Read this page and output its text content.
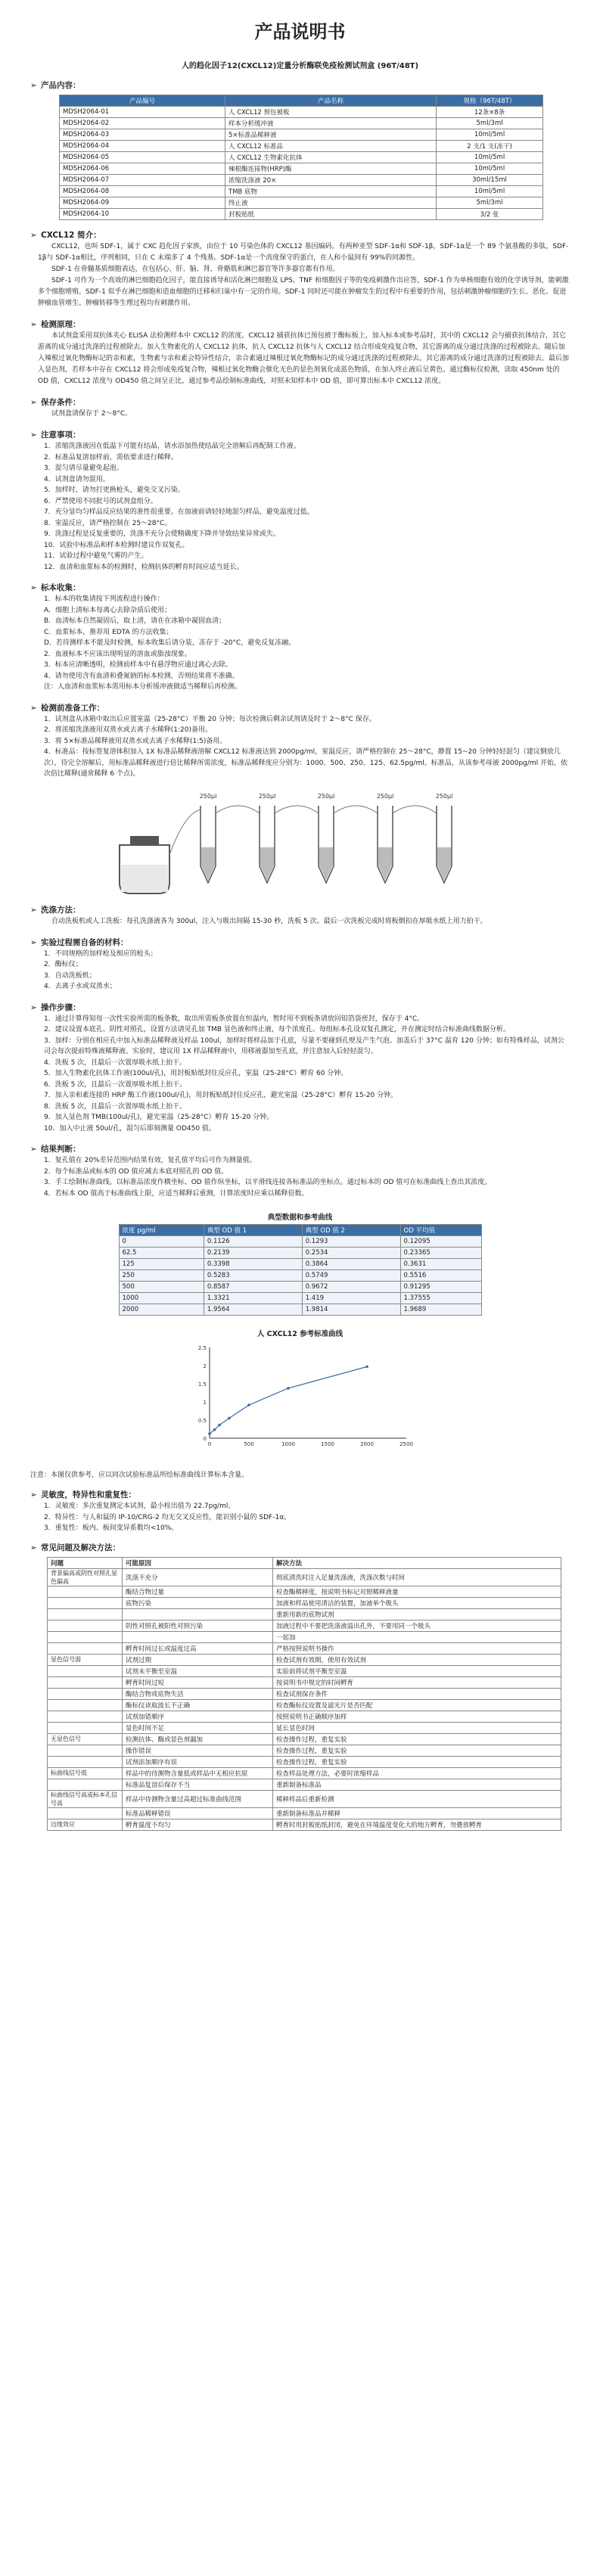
产品说明书
人的趋化因子12(CXCL12)定量分析酶联免疫检测试剂盒 (96T/48T)
➢ 产品内容：
产品编号	产品名称	规格（96T/48T）
MDSH2064-01	人 CXCL12 预包被板	12条×8条
MDSH2064-02	样本分析缓冲液	5ml/3ml
MDSH2064-03	5×标准品稀释液	10ml/5ml
MDSH2064-04	人 CXCL12 标准品	2 支/1 支(冻干)
MDSH2064-05	人 CXCL12 生物素化抗体	10ml/5ml
MDSH2064-06	辣根酶连接物(HRP)酶	10ml/5ml
MDSH2064-07	浓缩洗涤液 20×	30ml/15ml
MDSH2064-08	TMB 底物	10ml/5ml
MDSH2064-09	终止液	5ml/3ml
MDSH2064-10	封板贴纸	3/2 张
➢ CXCL12 简介：

CXCL12，也叫 SDF-1，属于 CXC 趋化因子家族，由位于 10 号染色体的 CXCL12 基因编码。有两种亚型 SDF-1α和 SDF-1β，SDF-1α是一个 89 个氨基酸的多肽，SDF-1β与 SDF-1α相比，序列相同，只在 C 末端多了 4 个残基。SDF-1α是一个高度保守的蛋白，在人和小鼠间有 99%的同源性。

SDF-1 在骨髓基质细胞表达，在包括心、肝、脑、肾、骨骼肌和淋巴器官等许多器官都有作用。

SDF-1 可作为一个高效的淋巴细胞趋化因子，能直接诱导和活化淋巴细胞及 LPS、TNF 和细胞因子等的免疫刺激作出应答，SDF-1 作为单核细胞有效的化学诱导剂，能刺激多个细胞增殖。SDF-1 似乎在淋巴细胞和造血细胞的迁移和归巢中有一定的作用。SDF-1 同时还可能在肿瘤发生的过程中有重要的作用，包括刺激肿瘤细胞的生长、恶化、促进肿瘤血管增生、肿瘤转移等生理过程均有刺激作用。

➢ 检测原理：

本试剂盒采用双抗体夹心 ELISA 法检测样本中 CXCL12 的浓度。CXCL12 捕获抗体已预包被于酶标板上，加入标本或参考品时，其中的 CXCL12 会与捕获抗体结合，其它游离的成分通过洗涤的过程被除去。加入生物素化的人 CXCL12 抗体，抗人 CXCL12 抗体与人 CXCL12 结合形成免疫复合物，其它游离的成分通过洗涤的过程被除去。随后加入辣根过氧化物酶标记的亲和素，生物素与亲和素会特异性结合，亲合素通过辣根过氧化物酶标记的成分通过洗涤的过程被除去。其它游离的成分通过洗涤的过程被除去。最后加入显色剂，若样本中存在 CXCL12 将会形成免疫复合物，辣根过氧化物酶会催化无色的显色剂氧化成蓝色物质，在加入终止液后呈黄色。通过酶标仪检测，读取 450nm 处的 OD 值，CXCL12 浓度与 OD450 值之间呈正比，通过参考品绘制标准曲线，对照未知样本中 OD 值，即可算出标本中 CXCL12 浓度。

➢ 保存条件：

试剂盒请保存于 2～8°C。

➢ 注意事项：
1．浓缩洗涤液因在低温下可能有结晶，请水浴加热使结晶完全溶解后再配制工作液。
2．标准品复溶加样前，需依要求进行稀释。
3．混匀请尽量避免起泡。
4．试剂盒请勿混用。
5．加样时，请勿打更换枪头，避免交叉污染。
6．严禁使用不同批号的试剂盒组分。
7．充分显均匀样品反应结果的准性很重要。在加液前请轻轻地混匀样品，避免温度过低。
8．室温反应，请严格控制在 25～28°C。
9．洗涤过程是反复重要的，洗涤不充分会使精确度下降并导致结果异常或失。
10．试验中标准品和样本检测时建议作双复孔。
11．试验过程中避免气雾的产生。
12．血清和血浆标本的检测时，检测抗体的孵育时间应适当延长。
➢ 标本收集：
1．标本的收集请按下列流程进行操作：
A．细胞上清标本每离心去除杂质后使用；
B．血清标本自然凝固后，取上清，请在在冰箱中凝固血清；
C．血浆标本，推荐用 EDTA 的方法收集；
D．若待测样本不能及时检测，标本收集后请分装，冻存于 -20°C，避免反复冻融。
2．血液标本不应该出现明显的溶血或脂浊现象。
3．标本应清晰透明，检测前样本中有悬浮物应通过离心去除。
4．请勿使用含有血清和叠氮钠的标本检测，否则结果将不准确。
注：人血清和血浆标本需用标本分析缓冲液做适当稀释后再检测。
➢ 检测前准备工作：
1．试剂盒从冰箱中取出后应置室温（25-28°C）平衡 20 分钟；每次检测后剩余试剂请及时于 2～8°C 保存。
2．将浓缩洗涤液用双蒸水或去离子水稀释(1:20)备用。
3．将 5×标准品稀释液用双蒸水或去离子水稀释(1:5)备用。
4．标准品：按标签复溶体积加入 1X 标准品稀释液溶解 CXCL12 标准液达到 2000pg/ml，室温反应，请严格控制在 25～28°C，静置 15~20 分钟轻轻混匀（建议倒放几次），待完全溶解后，用标准品稀释液进行倍比稀释所需浓度，标准品稀释度应分别为：1000、500、250、125、62.5pg/ml。标准品，从该参考母液 2000pg/ml 开始，依次倍比稀释(通常稀释 6 个点)。
250μl	250μl	250μl	250μl	250μl
➢ 洗涤方法：

自动洗板机或人工洗板：每孔洗涤液各为 300ul，注入与吸出间隔 15-30 秒，洗板 5 次。最后一次洗板完成时将板倒扣在厚吸水纸上用力拍干。

➢ 实验过程需自备的材料：
1．不同规格的加样枪及相应的枪头；
2．酶标仪；
3．自动洗板机；
4．去离子水或双蒸水；
➢ 操作步骤：
1．通过计算得知每一次性实验所需的板条数，取出所需板条放置在恒温内，暂时用不到板条请放回铝箔袋密封，保存于 4°C。
2．建议设置本底孔、阴性对照孔，设置方法请见孔加 TMB 显色液和终止液，每个浓度孔、每组标本孔设双复孔测定，并在测定时结合标准曲线数据分析。
3．加样：分别在相应孔中加入标准品稀释液及样品 100ul，加样时将样品加于孔底，尽量不要碰到孔壁及产生气泡。加盖后于 37°C 温育 120 分钟；如有特殊样品，试剂公司会每次提前特殊液稀释液。实验时，建议用 1X 样品稀释液中，用移液器加至孔底，并注意加入后轻轻混匀。
4．洗板 5 次，且最后一次置厚吸水纸上拍干。
5．加入生物素化抗体工作液(100ul/孔)，用封板贴纸封住反应孔，室温（25-28°C）孵育 60 分钟。
6．洗板 5 次，且最后一次置厚吸水纸上拍干。
7．加入亲和素连接的 HRP 酶工作液(100ul/孔)，用封板贴纸封住反应孔，避光室温（25-28°C）孵育 15-20 分钟。
8．洗板 5 次，且最后一次置厚吸水纸上拍干。
9．加入显色剂 TMB(100ul/孔)，避光室温（25-28°C）孵育 15-20 分钟。
10．加入中止液 50ul/孔，混匀后即刻测量 OD450 值。
➢ 结果判断：
1．复孔值在 20%差异范围内结果有效，复孔值平均后可作为测量值。
2．每个标准品或标本的 OD 值应减去本底对照孔的 OD 值。
3．手工绘制标准曲线。以标准品浓度作横坐标、OD 值作纵坐标，以平滑线连接各标准品的坐标点。通过标本的 OD 值可在标准曲线上查出其浓度。
4．若标本 OD 值高于标准曲线上限，应适当稀释后重测，计算浓度时应乘以稀释倍数。
典型数据和参考曲线
浓度 pg/ml	典型 OD 值 1	典型 OD 值 2	OD 平均值
0	0.1126	0.1293	0.12095
62.5	0.2139	0.2534	0.23365
125	0.3398	0.3864	0.3631
250	0.5283	0.5749	0.5516
500	0.8587	0.9672	0.91295
1000	1.3321	1.419	1.37555
2000	1.9564	1.9814	1.9689
人 CXCL12 参考标准曲线
0	500	1000	1500	2000	2500
0
0.5
1
1.5
2
2.5

注意：本图仅供参考，应以同次试验标准品所绘标准曲线计算标本含量。

➢ 灵敏度，特异性和重复性：
1．灵敏度：多次重复测定本试剂，最小检出值为 22.7pg/ml。
2．特异性：与人和鼠的 IP-10/CRG-2 均无交叉反应性，能识别小鼠的 SDF-1α。
3．重复性：板内、板间变异系数均<10%。
➢ 常见问题及解决方法：
问题	可能原因	解决方法
背景偏高或阴性对照孔显色偏高	洗涤不充分	彻底清洗时注入足量洗涤液，洗涤次数与时间
	酶结合物过量	检查酶稀释度，按说明书标记对照稀释液量
	底物污染	加液和样品使用清洁的装置，加液单个吸头
		重新用新的底物试剂
	阴性对照孔被阳性对照污染	加液过程中不要把洗涤液溢出孔外，不要用同一个吸头
		一起加
	孵育时间过长或温度过高	严格按照说明书操作
显色信号弱	试剂过期	检查试剂有效期，使用有效试剂
	试剂未平衡至室温	实验前将试剂平衡至室温
	孵育时间过短	按说明书中规定的时间孵育
	酶结合物或底物失活	检查试剂保存条件
	酶标仪读取波长不正确	检查酶标仪设置及滤光片是否匹配
	试剂加错顺序	按照说明书正确顺序加样
	显色时间不足	延长显色时间
无显色信号	检测抗体、酶或显色剂漏加	检查操作过程，重复实验
	操作错误	检查操作过程，重复实验
	试剂添加顺序有误	检查操作过程，重复实验
标曲线信号低	样品中的待测物含量低或样品中无相应抗原	检查样品处理方法，必要时浓缩样品
	标准品复溶后保存不当	重新制备标准品
标曲线信号高或标本孔信号高	样品中待测物含量过高超过标准曲线范围	稀释样品后重新检测
	标准品稀释错误	重新制备标准品并稀释
边缘效应	孵育温度不均匀	孵育时用封板贴纸封闭，避免在环境温度变化大的地方孵育，勿叠放孵育
